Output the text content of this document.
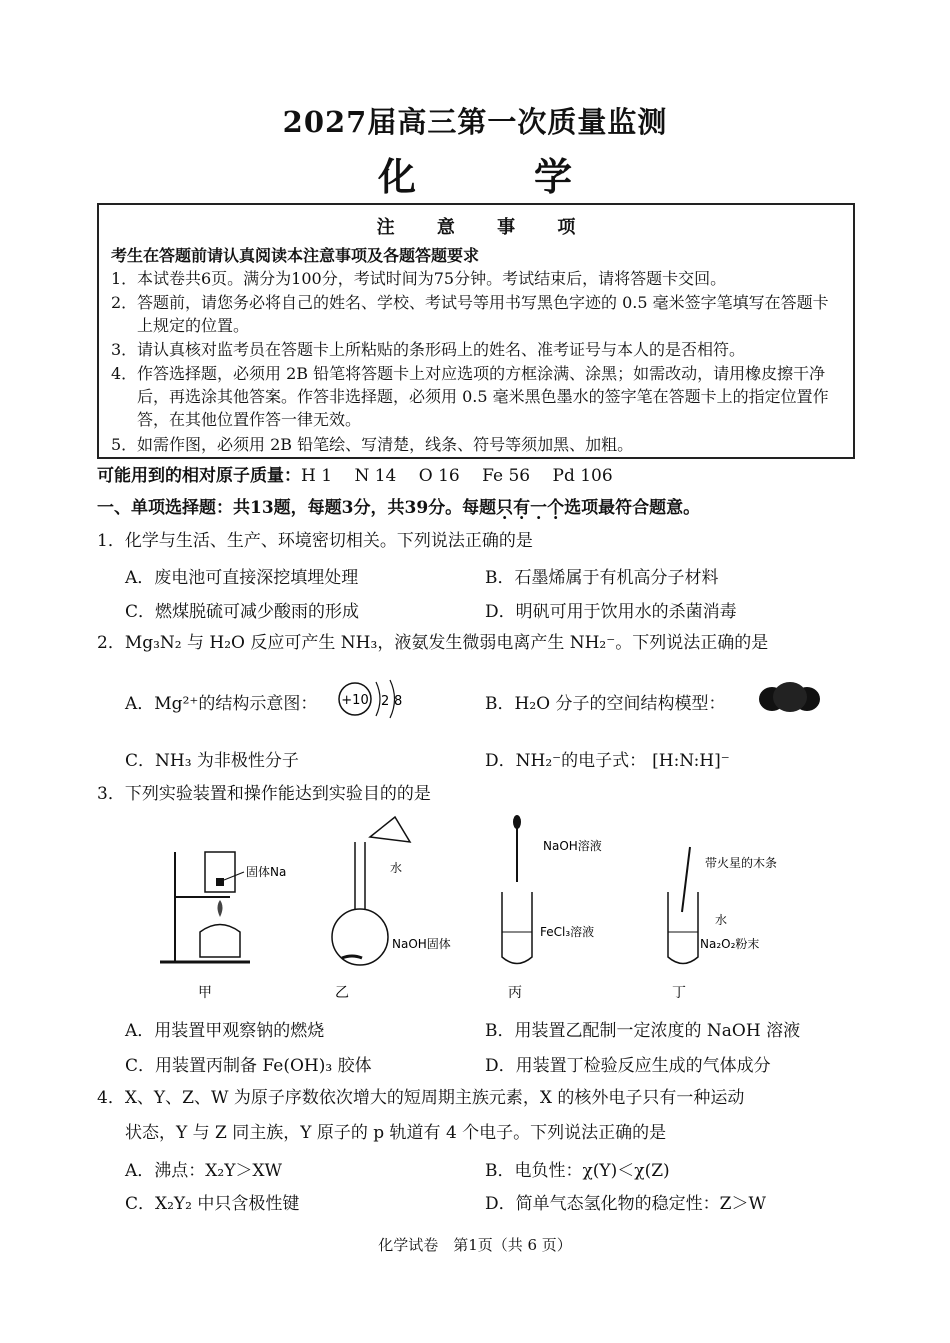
2027届高三第一次质量监测
化　学
注 意 事 项
考生在答题前请认真阅读本注意事项及各题答题要求
1．本试卷共6页。满分为100分，考试时间为75分钟。考试结束后，请将答题卡交回。
2． 答题前，请您务必将自己的姓名、学校、考试号等用书写黑色字迹的 0.5 毫米签字笔填写在答题卡上规定的位置。
3．请认真核对监考员在答题卡上所粘贴的条形码上的姓名、准考证号与本人的是否相符。
4． 作答选择题，必须用 2B 铅笔将答题卡上对应选项的方框涂满、涂黑；如需改动，请用橡皮擦干净后，再选涂其他答案。作答非选择题，必须用 0.5 毫米黑色墨水的签字笔在答题卡上的指定位置作答，在其他位置作答一律无效。
5．如需作图，必须用 2B 铅笔绘、写清楚，线条、符号等须加黑、加粗。
可能用到的相对原子质量：H 1　 N 14　 O 16　 Fe 56　 Pd 106
一、单项选择题：共13题，每题3分，共39分。每题只有一个选项最符合题意。
1．化学与生活、生产、环境密切相关。下列说法正确的是
A．废电池可直接深挖填埋处理	B．石墨烯属于有机高分子材料
C．燃煤脱硫可减少酸雨的形成	D．明矾可用于饮用水的杀菌消毒
2．Mg₃N₂ 与 H₂O 反应可产生 NH₃，液氨发生微弱电离产生 NH₂⁻。下列说法正确的是
A．Mg²⁺的结构示意图： +10 2 8	B．H₂O 分子的空间结构模型：
C．NH₃ 为非极性分子	D．NH₂⁻的电子式： [H:N:H]⁻
3．下列实验装置和操作能达到实验目的的是
固体Na
甲
水
NaOH固体
乙
NaOH溶液
FeCl₃溶液
丙
带火星的木条
水
Na₂O₂粉末
丁
A．用装置甲观察钠的燃烧	B．用装置乙配制一定浓度的 NaOH 溶液
C．用装置丙制备 Fe(OH)₃ 胶体	D．用装置丁检验反应生成的气体成分
4．X、Y、Z、W 为原子序数依次增大的短周期主族元素，X 的核外电子只有一种运动
状态，Y 与 Z 同主族，Y 原子的 p 轨道有 4 个电子。下列说法正确的是
A．沸点：X₂Y＞XW	B．电负性：χ(Y)＜χ(Z)
C．X₂Y₂ 中只含极性键	D．简单气态氢化物的稳定性：Z＞W
化学试卷　第1页（共 6 页）
